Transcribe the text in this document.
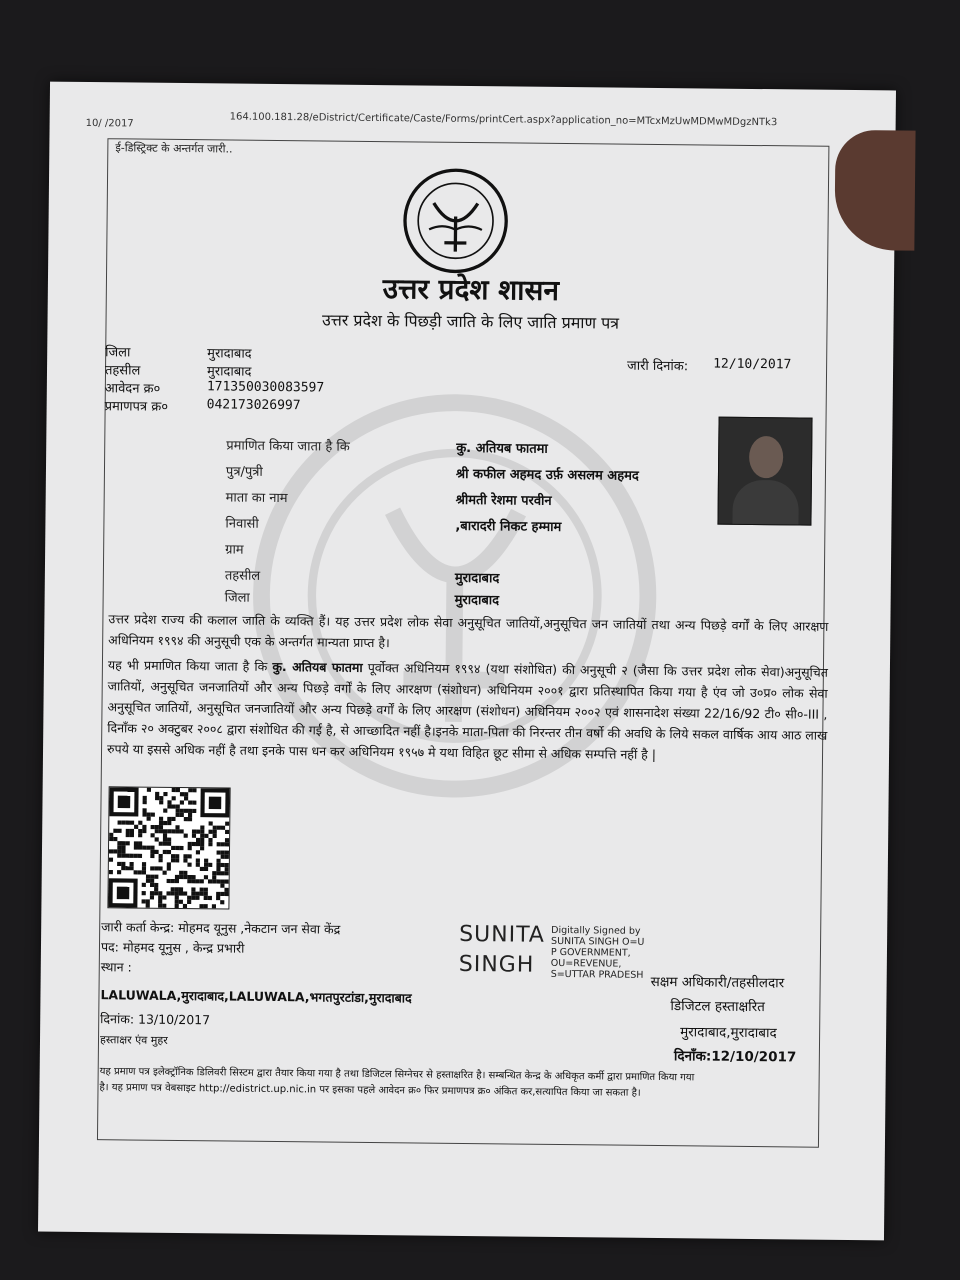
10/ /2017	164.100.181.28/eDistrict/Certificate/Caste/Forms/printCert.aspx?application_no=MTcxMzUwMDMwMDgzNTk3
ई-डिस्ट्रिक्ट के अन्तर्गत जारी..
उत्तर प्रदेश शासन
उत्तर प्रदेश के पिछड़ी जाति के लिए जाति प्रमाण पत्र
जिला	मुरादाबाद
तहसील	मुरादाबाद
आवेदन क्र०	171350030083597
प्रमाणपत्र क्र०	042173026997
जारी दिनांक: 12/10/2017
प्रमाणित किया जाता है कि	कु. अतियब फातमा
पुत्र/पुत्री	श्री कफील अहमद उर्फ़ असलम अहमद
माता का नाम	श्रीमती रेशमा परवीन
निवासी	,बारादरी निकट हम्माम
ग्राम
तहसील	मुरादाबाद
जिला	मुरादाबाद
उत्तर प्रदेश राज्य की कलाल जाति के व्यक्ति हैं। यह उत्तर प्रदेश लोक सेवा अनुसूचित जातियों,अनुसूचित जन जातियों तथा अन्य पिछड़े वर्गों के लिए आरक्षण अधिनियम १९९४ की अनुसूची एक के अन्तर्गत मान्यता प्राप्त है।
यह भी प्रमाणित किया जाता है कि कु. अतियब फातमा पूर्वोक्त अधिनियम १९९४ (यथा संशोधित) की अनुसूची २ (जैसा कि उत्तर प्रदेश लोक सेवा)अनुसूचित जातियों, अनुसूचित जनजातियों और अन्य पिछड़े वर्गों के लिए आरक्षण (संशोधन) अधिनियम २००१ द्वारा प्रतिस्थापित किया गया है एंव जो उ०प्र० लोक सेवा अनुसूचित जातियों, अनुसूचित जनजातियों और अन्य पिछड़े वर्गों के लिए आरक्षण (संशोधन) अधिनियम २००२ एवं शासनादेश संख्या 22/16/92 टी० सी०-III , दिनाँक २० अक्टुबर २००८ द्वारा संशोधित की गई है, से आच्छादित नहीं है।इनके माता-पिता की निरन्तर तीन वर्षो की अवधि के लिये सकल वार्षिक आय आठ लाख रुपये या इससे अधिक नहीं है तथा इनके पास धन कर अधिनियम १९५७ मे यथा विहित छूट सीमा से अधिक सम्पत्ति नहीं है |
जारी कर्ता केन्द्र: मोहमद यूनुस ,नेकटान जन सेवा केंद्र
पद: मोहमद यूनुस , केन्द्र प्रभारी
स्थान :
LALUWALA,मुरादाबाद,LALUWALA,भगतपुरटांडा,मुरादाबाद
दिनांक: 13/10/2017
हस्ताक्षर एंव मुहर
SUNITA
SINGH
Digitally Signed by
SUNITA SINGH O=U
P GOVERNMENT,
OU=REVENUE,
S=UTTAR PRADESH सक्षम अधिकारी/तहसीलदार
डिजिटल हस्ताक्षरित
मुरादाबाद,मुरादाबाद
दिनाँक:12/10/2017
यह प्रमाण पत्र इलेक्ट्रॉनिक डिलिवरी सिस्टम द्वारा तैयार किया गया है तथा डिजिटल सिग्नेचर से हस्ताक्षरित है। सम्बन्धित केन्द्र के अधिकृत कर्मी द्वारा प्रमाणित किया गया
है। यह प्रमाण पत्र वेबसाइट http://edistrict.up.nic.in पर इसका पहले आवेदन क्र० फिर प्रमाणपत्र क्र० अंकित कर,सत्यापित किया जा सकता है।
